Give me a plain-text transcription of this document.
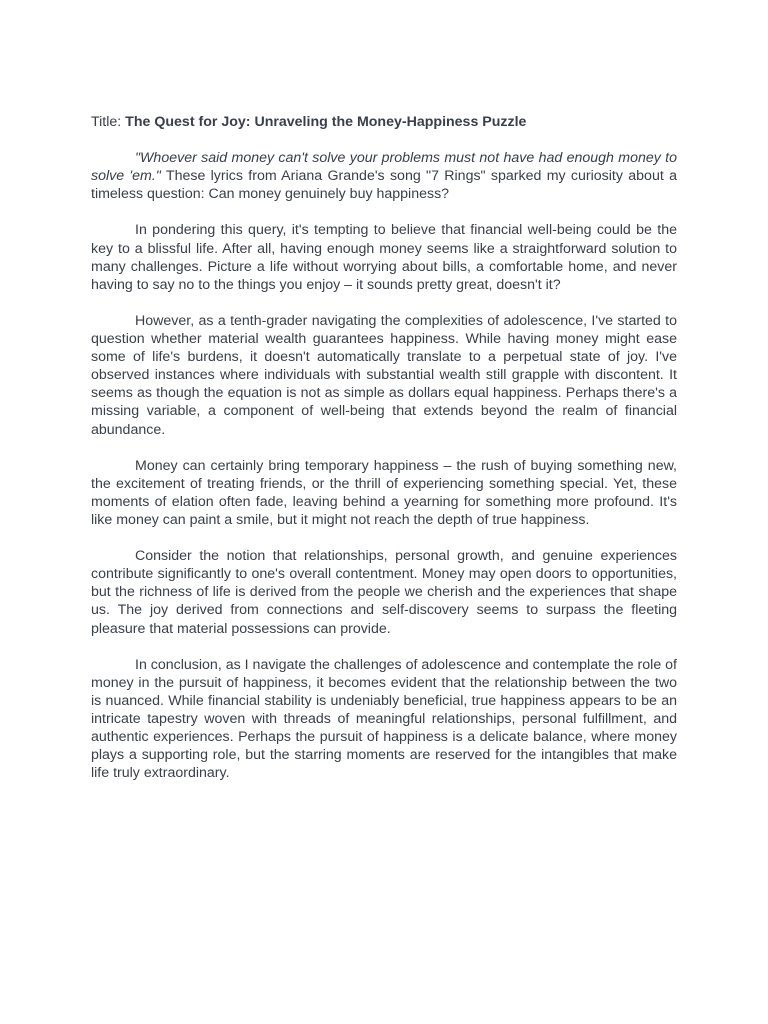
Title: The Quest for Joy: Unraveling the Money-Happiness Puzzle

"Whoever said money can't solve your problems must not have had enough money to solve 'em." These lyrics from Ariana Grande's song "7 Rings" sparked my curiosity about a timeless question: Can money genuinely buy happiness?

In pondering this query, it's tempting to believe that financial well-being could be the key to a blissful life. After all, having enough money seems like a straightforward solution to many challenges. Picture a life without worrying about bills, a comfortable home, and never having to say no to the things you enjoy – it sounds pretty great, doesn't it?

However, as a tenth-grader navigating the complexities of adolescence, I've started to question whether material wealth guarantees happiness. While having money might ease some of life's burdens, it doesn't automatically translate to a perpetual state of joy. I've observed instances where individuals with substantial wealth still grapple with discontent. It seems as though the equation is not as simple as dollars equal happiness. Perhaps there's a missing variable, a component of well-being that extends beyond the realm of financial abundance.

Money can certainly bring temporary happiness – the rush of buying something new, the excitement of treating friends, or the thrill of experiencing something special. Yet, these moments of elation often fade, leaving behind a yearning for something more profound. It's like money can paint a smile, but it might not reach the depth of true happiness.

Consider the notion that relationships, personal growth, and genuine experiences contribute significantly to one's overall contentment. Money may open doors to opportunities, but the richness of life is derived from the people we cherish and the experiences that shape us. The joy derived from connections and self-discovery seems to surpass the fleeting pleasure that material possessions can provide.

In conclusion, as I navigate the challenges of adolescence and contemplate the role of money in the pursuit of happiness, it becomes evident that the relationship between the two is nuanced. While financial stability is undeniably beneficial, true happiness appears to be an intricate tapestry woven with threads of meaningful relationships, personal fulfillment, and authentic experiences. Perhaps the pursuit of happiness is a delicate balance, where money plays a supporting role, but the starring moments are reserved for the intangibles that make life truly extraordinary.
